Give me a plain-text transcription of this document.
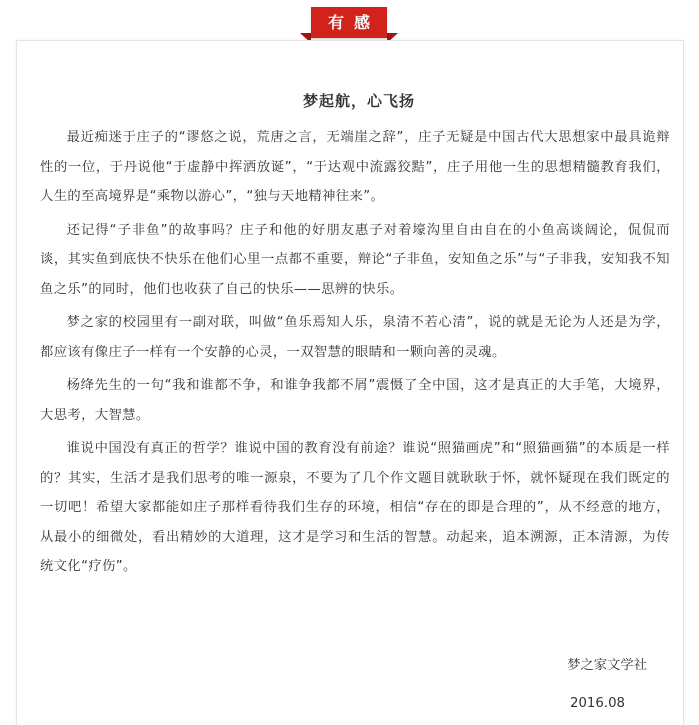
有感
梦起航，心飞扬

最近痴迷于庄子的“谬悠之说，荒唐之言，无端崖之辞”，庄子无疑是中国古代大思想家中最具诡辩性的一位，于丹说他“于虚静中挥洒放诞”，“于达观中流露狡黠”，庄子用他一生的思想精髓教育我们，人生的至高境界是“乘物以游心”，“独与天地精神往来”。

还记得“子非鱼”的故事吗？庄子和他的好朋友惠子对着壕沟里自由自在的小鱼高谈阔论，侃侃而谈，其实鱼到底快不快乐在他们心里一点都不重要，辩论“子非鱼，安知鱼之乐”与“子非我，安知我不知鱼之乐”的同时，他们也收获了自己的快乐——思辨的快乐。

梦之家的校园里有一副对联，叫做“鱼乐焉知人乐，泉清不若心清”，说的就是无论为人还是为学，都应该有像庄子一样有一个安静的心灵，一双智慧的眼睛和一颗向善的灵魂。

杨绛先生的一句“我和谁都不争，和谁争我都不屑”震慑了全中国，这才是真正的大手笔，大境界，大思考，大智慧。

谁说中国没有真正的哲学？谁说中国的教育没有前途？谁说“照猫画虎”和“照猫画猫”的本质是一样的？其实，生活才是我们思考的唯一源泉，不要为了几个作文题目就耿耿于怀，就怀疑现在我们既定的一切吧！希望大家都能如庄子那样看待我们生存的环境，相信“存在的即是合理的”，从不经意的地方，从最小的细微处，看出精妙的大道理，这才是学习和生活的智慧。动起来，追本溯源，正本清源，为传统文化“疗伤”。

梦之家文学社
2016.08
